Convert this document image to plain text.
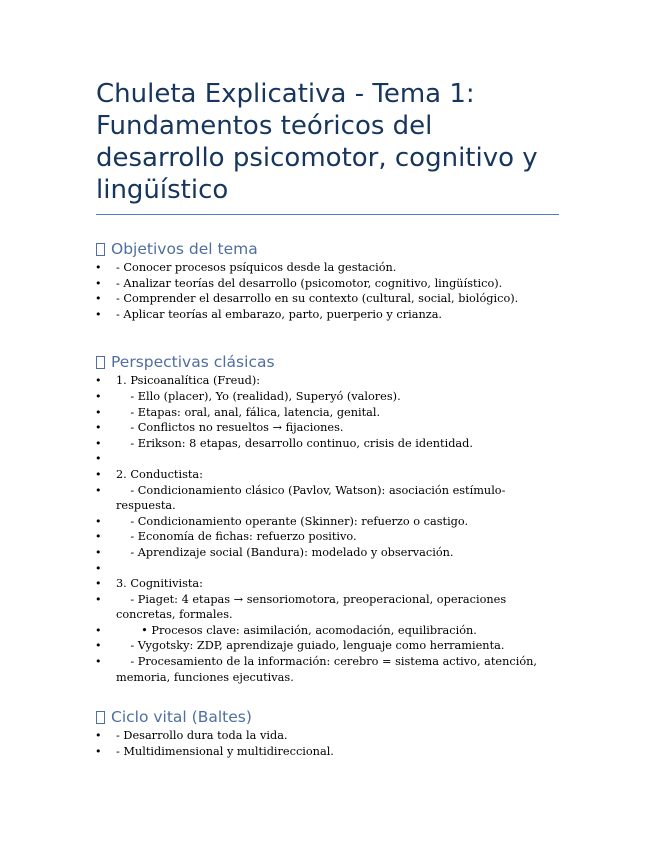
Chuleta Explicativa - Tema 1: Fundamentos teóricos del desarrollo psicomotor, cognitivo y lingüístico
Objetivos del tema
• - Conocer procesos psíquicos desde la gestación.
• - Analizar teorías del desarrollo (psicomotor, cognitivo, lingüístico).
• - Comprender el desarrollo en su contexto (cultural, social, biológico).
• - Aplicar teorías al embarazo, parto, puerperio y crianza.
Perspectivas clásicas
• 1. Psicoanalítica (Freud):
•     - Ello (placer), Yo (realidad), Superyó (valores).
•     - Etapas: oral, anal, fálica, latencia, genital.
•     - Conflictos no resueltos → fijaciones.
•     - Erikson: 8 etapas, desarrollo continuo, crisis de identidad.
•
• 2. Conductista:
•     - Condicionamiento clásico (Pavlov, Watson): asociación estímulo-respuesta.
•     - Condicionamiento operante (Skinner): refuerzo o castigo.
•     - Economía de fichas: refuerzo positivo.
•     - Aprendizaje social (Bandura): modelado y observación.
•
• 3. Cognitivista:
•     - Piaget: 4 etapas → sensoriomotora, preoperacional, operaciones concretas, formales.
•        • Procesos clave: asimilación, acomodación, equilibración.
•     - Vygotsky: ZDP, aprendizaje guiado, lenguaje como herramienta.
•     - Procesamiento de la información: cerebro = sistema activo, atención, memoria, funciones ejecutivas.
Ciclo vital (Baltes)
• - Desarrollo dura toda la vida.
• - Multidimensional y multidireccional.
